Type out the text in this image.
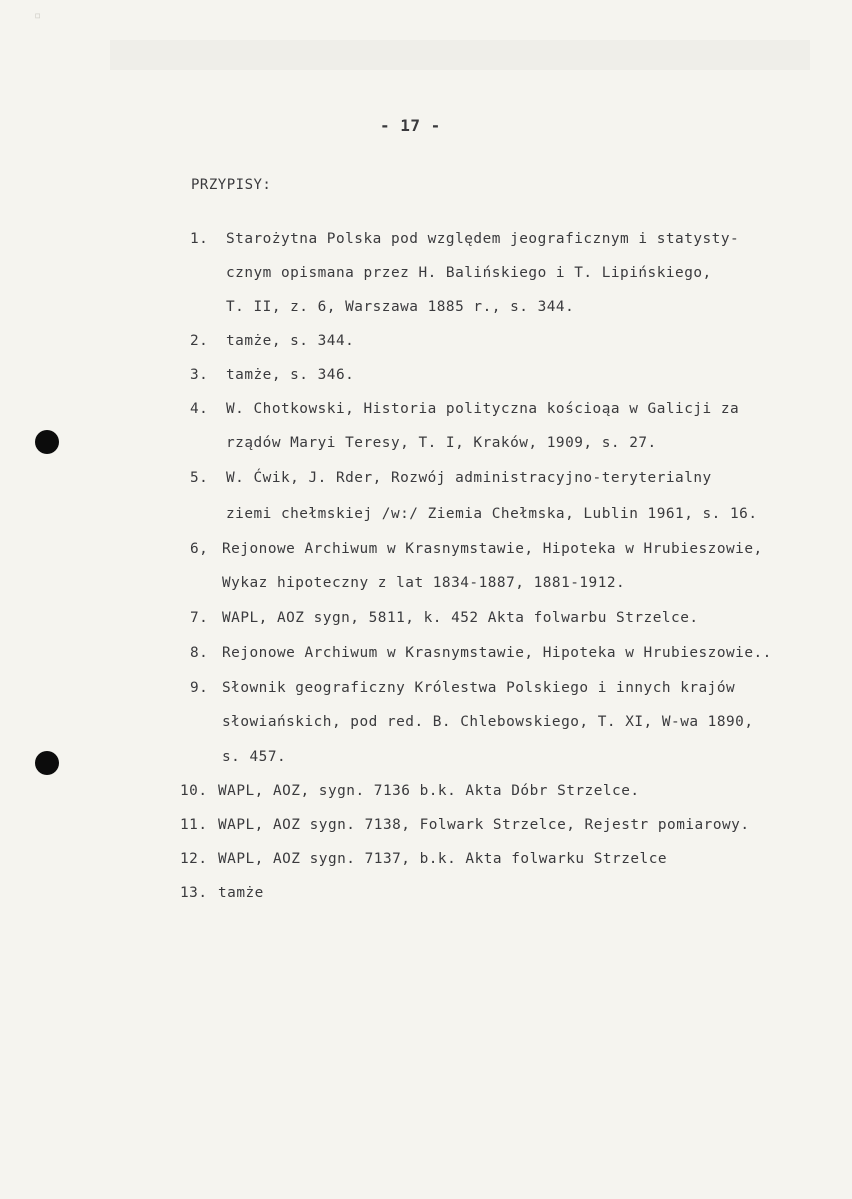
▫
- 17 -
PRZYPISY:
1. Starożytna Polska pod względem jeograficznym i statysty-
cznym opismana przez H. Balińskiego i T. Lipińskiego,
T. II, z. 6, Warszawa 1885 r., s. 344.
2. tamże, s. 344.
3. tamże, s. 346.
4. W. Chotkowski, Historia polityczna kościoąa w Galicji za
rządów Maryi Teresy, T. I, Kraków, 1909, s. 27.
5. W. Ćwik, J. Rder, Rozwój administracyjno-teryterialny
ziemi chełmskiej /w:/ Ziemia Chełmska, Lublin 1961, s. 16.
6, Rejonowe Archiwum w Krasnymstawie, Hipoteka w Hrubieszowie,
Wykaz hipoteczny z lat 1834-1887, 1881-1912.
7. WAPL, AOZ sygn, 5811, k. 452 Akta folwarbu Strzelce.
8. Rejonowe Archiwum w Krasnymstawie, Hipoteka w Hrubieszowie..
9. Słownik geograficzny Królestwa Polskiego i innych krajów
słowiańskich, pod red. B. Chlebowskiego, T. XI, W-wa 1890,
s. 457.
10. WAPL, AOZ, sygn. 7136 b.k. Akta Dóbr Strzelce.
11. WAPL, AOZ sygn. 7138, Folwark Strzelce, Rejestr pomiarowy.
12. WAPL, AOZ sygn. 7137, b.k. Akta folwarku Strzelce
13. tamże
